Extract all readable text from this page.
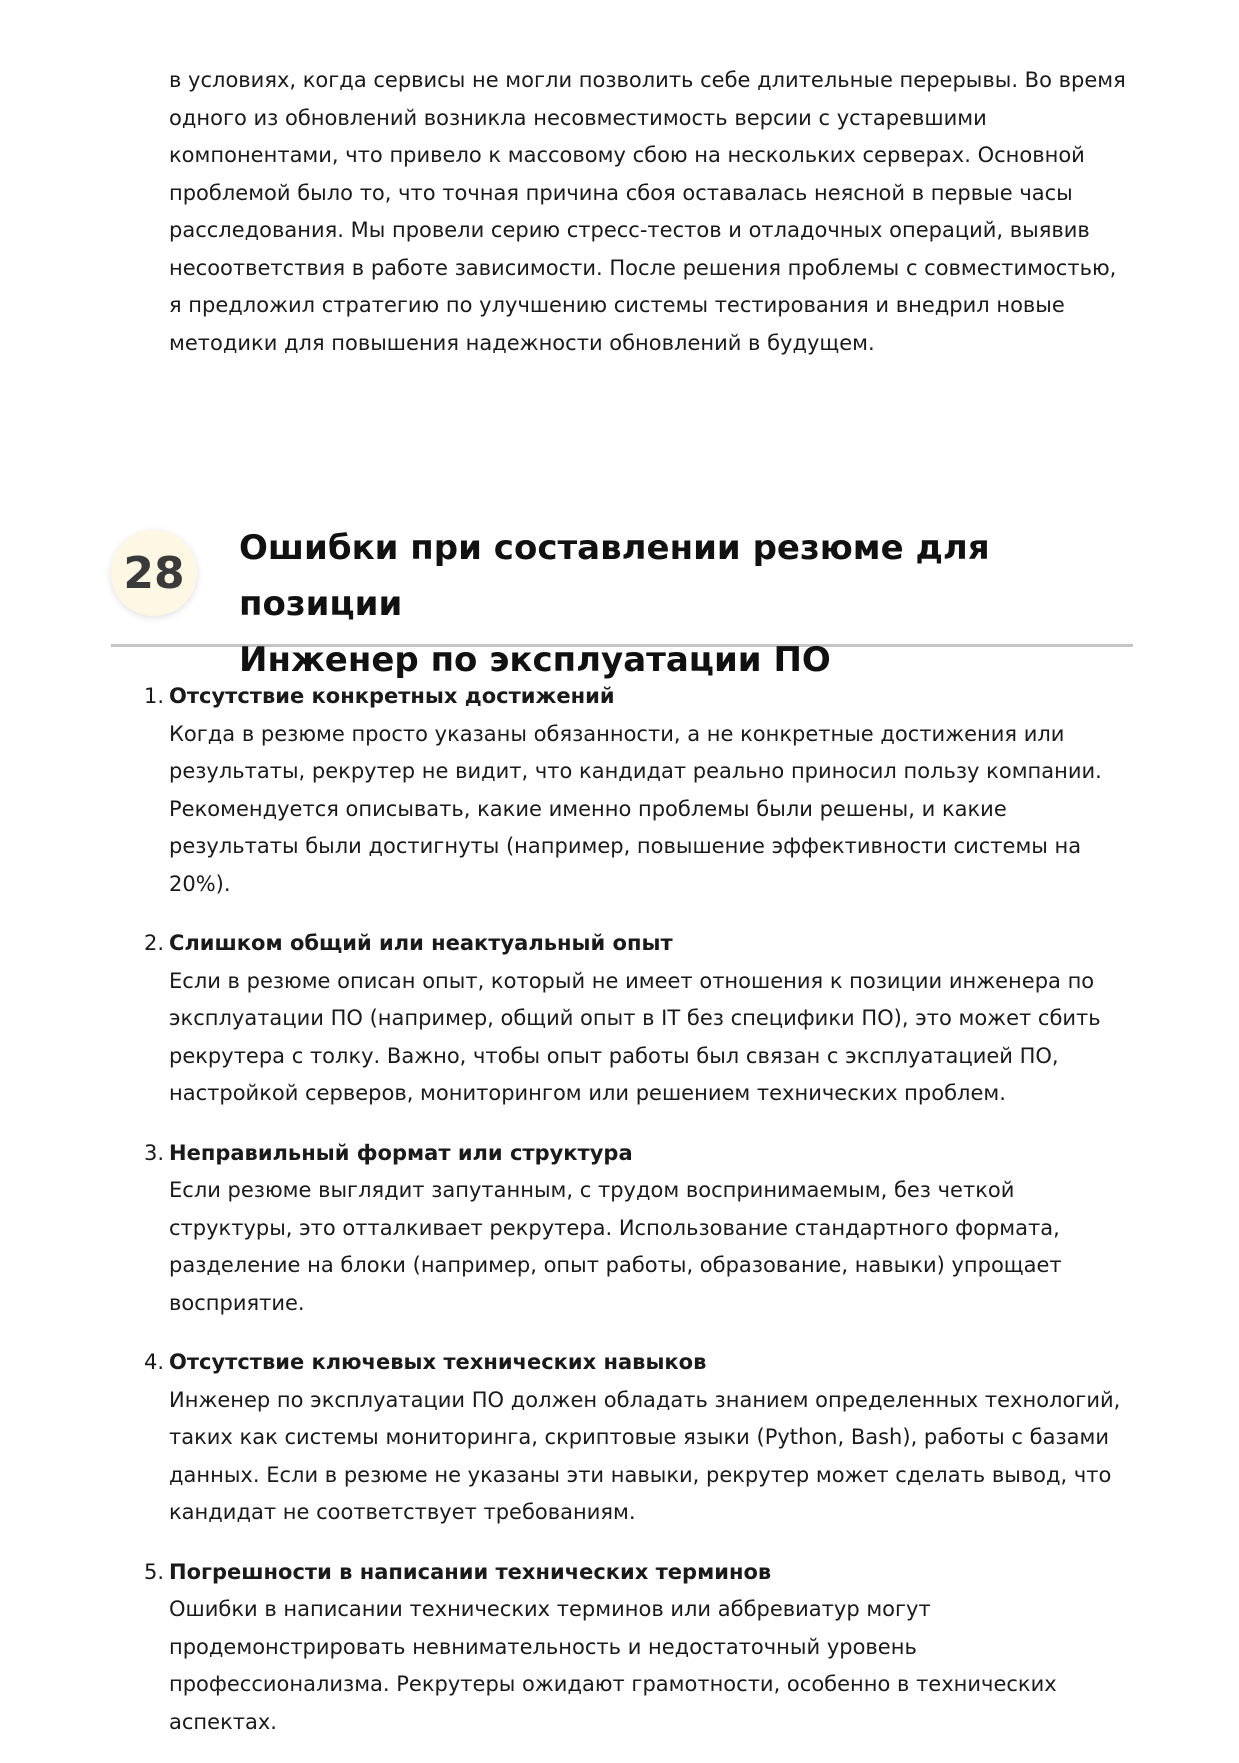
в условиях, когда сервисы не могли позволить себе длительные перерывы. Во время одного из обновлений возникла несовместимость версии с устаревшими компонентами, что привело к массовому сбою на нескольких серверах. Основной проблемой было то, что точная причина сбоя оставалась неясной в первые часы расследования. Мы провели серию стресс-тестов и отладочных операций, выявив несоответствия в работе зависимости. После решения проблемы с совместимостью, я предложил стратегию по улучшению системы тестирования и внедрил новые методики для повышения надежности обновлений в будущем.

28	Ошибки при составлении резюме для позиции
Инженер по эксплуатации ПО
1. Отсутствие конкретных достижений
Когда в резюме просто указаны обязанности, а не конкретные достижения или результаты, рекрутер не видит, что кандидат реально приносил пользу компании. Рекомендуется описывать, какие именно проблемы были решены, и какие результаты были достигнуты (например, повышение эффективности системы на 20%).
2. Слишком общий или неактуальный опыт
Если в резюме описан опыт, который не имеет отношения к позиции инженера по эксплуатации ПО (например, общий опыт в IT без специфики ПО), это может сбить рекрутера с толку. Важно, чтобы опыт работы был связан с эксплуатацией ПО, настройкой серверов, мониторингом или решением технических проблем.
3. Неправильный формат или структура
Если резюме выглядит запутанным, с трудом воспринимаемым, без четкой структуры, это отталкивает рекрутера. Использование стандартного формата, разделение на блоки (например, опыт работы, образование, навыки) упрощает восприятие.
4. Отсутствие ключевых технических навыков
Инженер по эксплуатации ПО должен обладать знанием определенных технологий, таких как системы мониторинга, скриптовые языки (Python, Bash), работы с базами данных. Если в резюме не указаны эти навыки, рекрутер может сделать вывод, что кандидат не соответствует требованиям.
5. Погрешности в написании технических терминов
Ошибки в написании технических терминов или аббревиатур могут продемонстрировать невнимательность и недостаточный уровень профессионализма. Рекрутеры ожидают грамотности, особенно в технических аспектах.
